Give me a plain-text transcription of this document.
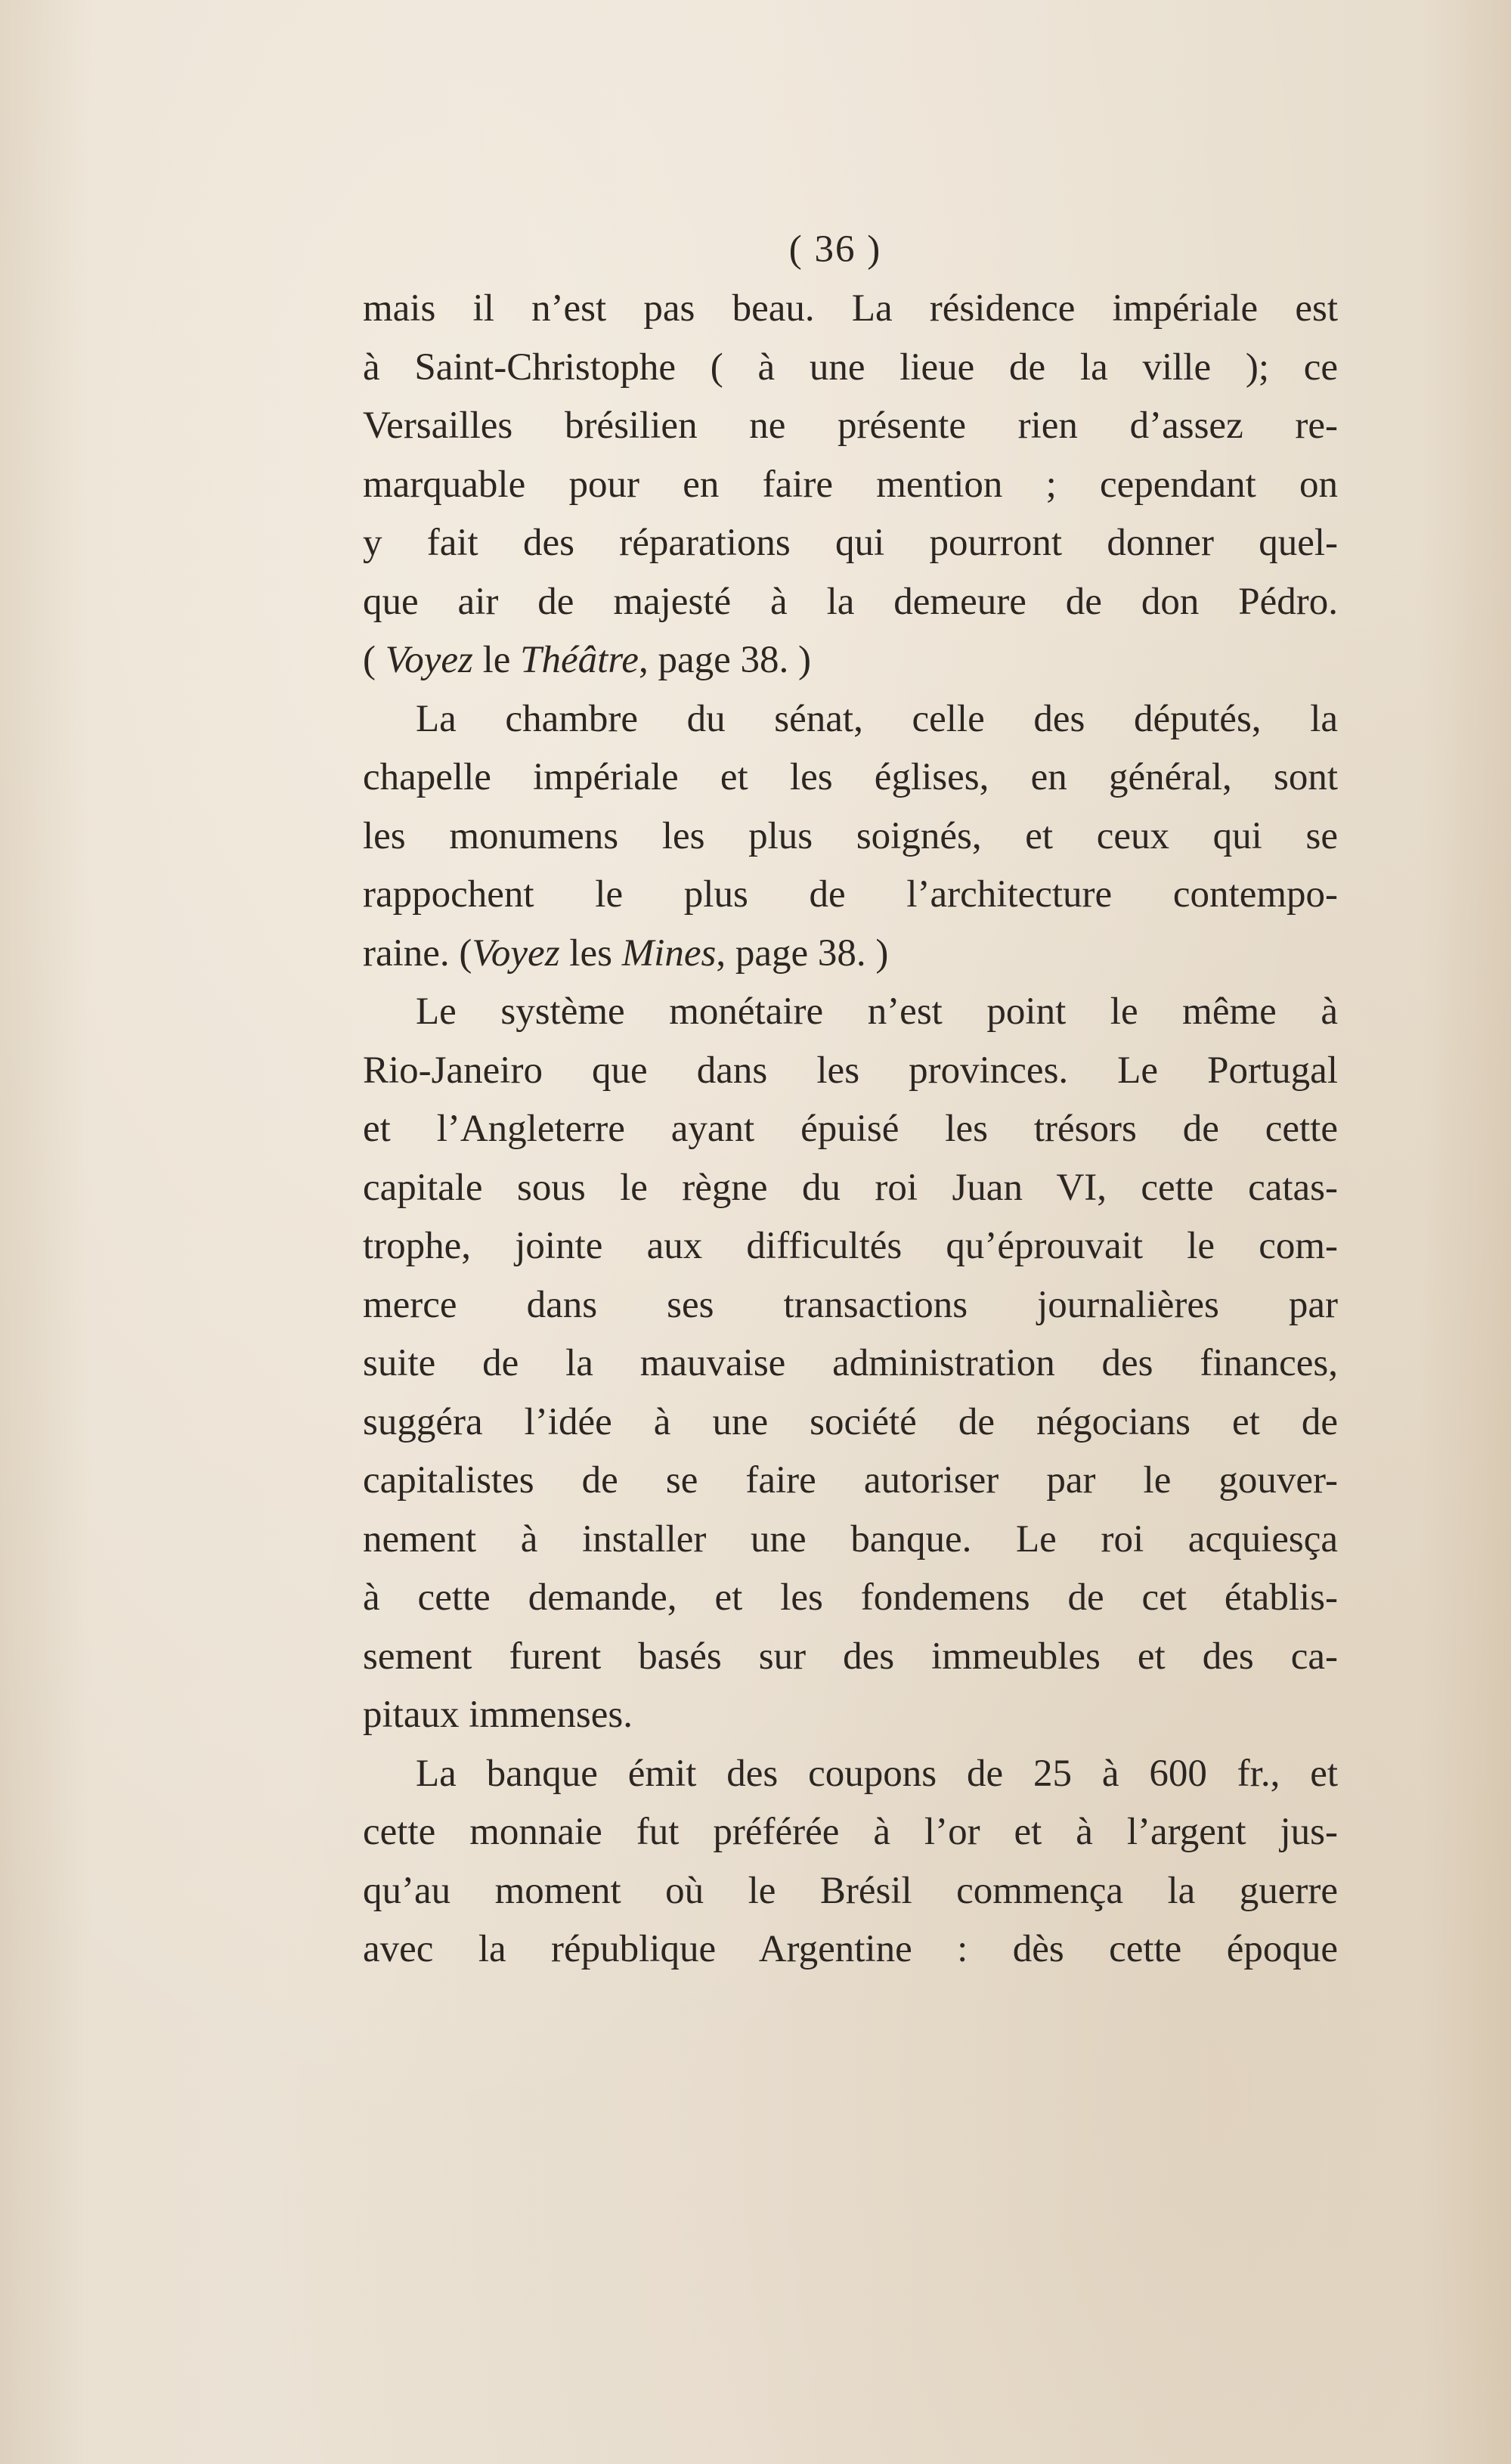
( 36 )
mais il n’est pas beau. La résidence impériale est
à Saint-Christophe ( à une lieue de la ville ); ce
Versailles brésilien ne présente rien d’assez re-
marquable pour en faire mention ; cependant on
y fait des réparations qui pourront donner quel-
que air de majesté à la demeure de don Pédro.
( Voyez le Théâtre, page 38. )
La chambre du sénat, celle des députés, la
chapelle impériale et les églises, en général, sont
les monumens les plus soignés, et ceux qui se
rappochent le plus de l’architecture contempo-
raine. (Voyez les Mines, page 38. )
Le système monétaire n’est point le même à
Rio-Janeiro que dans les provinces. Le Portugal
et l’Angleterre ayant épuisé les trésors de cette
capitale sous le règne du roi Juan VI, cette catas-
trophe, jointe aux difficultés qu’éprouvait le com-
merce dans ses transactions journalières par
suite de la mauvaise administration des finances,
suggéra l’idée à une société de négocians et de
capitalistes de se faire autoriser par le gouver-
nement à installer une banque. Le roi acquiesça
à cette demande, et les fondemens de cet établis-
sement furent basés sur des immeubles et des ca-
pitaux immenses.
La banque émit des coupons de 25 à 600 fr., et
cette monnaie fut préférée à l’or et à l’argent jus-
qu’au moment où le Brésil commença la guerre
avec la république Argentine : dès cette époque
